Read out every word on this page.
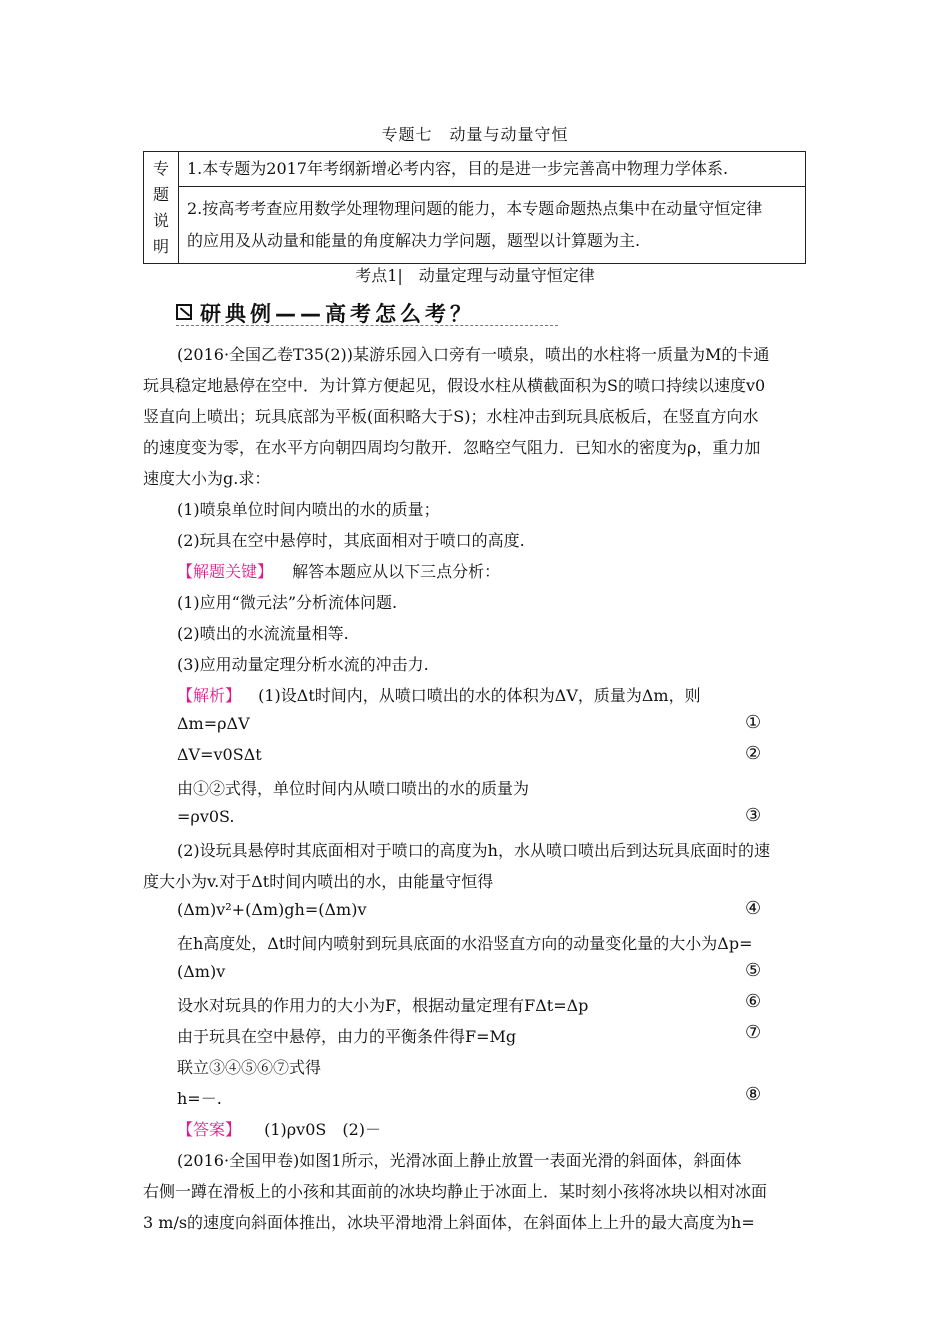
专题七　动量与动量守恒
专
题
说
明
	1.本专题为2017年考纲新增必考内容，目的是进一步完善高中物理力学体系.

2.按高考考查应用数学处理物理问题的能力，本专题命题热点集中在动量守恒定律
的应用及从动量和能量的角度解决力学问题，题型以计算题为主.
考点1|　动量定理与动量守恒定律
研典例——高考怎么考？
(2016·全国乙卷T35(2))某游乐园入口旁有一喷泉，喷出的水柱将一质量为M的卡通
玩具稳定地悬停在空中．为计算方便起见，假设水柱从横截面积为S的喷口持续以速度v0
竖直向上喷出；玩具底部为平板(面积略大于S)；水柱冲击到玩具底板后，在竖直方向水
的速度变为零，在水平方向朝四周均匀散开．忽略空气阻力．已知水的密度为ρ，重力加
速度大小为g.求：
(1)喷泉单位时间内喷出的水的质量；
(2)玩具在空中悬停时，其底面相对于喷口的高度.
【解题关键】 解答本题应从以下三点分析：
(1)应用“微元法”分析流体问题.
(2)喷出的水流流量相等.
(3)应用动量定理分析水流的冲击力.
【解析】 (1)设Δt时间内，从喷口喷出的水的体积为ΔV，质量为Δm，则
Δm=ρΔV	①
ΔV=v0SΔt	②
由①②式得，单位时间内从喷口喷出的水的质量为
=ρv0S.	③
(2)设玩具悬停时其底面相对于喷口的高度为h，水从喷口喷出后到达玩具底面时的速
度大小为v.对于Δt时间内喷出的水，由能量守恒得
(Δm)v²+(Δm)gh=(Δm)v	④
在h高度处，Δt时间内喷射到玩具底面的水沿竖直方向的动量变化量的大小为Δp=
(Δm)v	⑤
设水对玩具的作用力的大小为F，根据动量定理有FΔt=Δp	⑥
由于玩具在空中悬停，由力的平衡条件得F=Mg	⑦
联立③④⑤⑥⑦式得
h=－.	⑧
【答案】 (1)ρv0S　(2)－
(2016·全国甲卷)如图1所示，光滑冰面上静止放置一表面光滑的斜面体，斜面体
右侧一蹲在滑板上的小孩和其面前的冰块均静止于冰面上．某时刻小孩将冰块以相对冰面
3 m/s的速度向斜面体推出，冰块平滑地滑上斜面体，在斜面体上上升的最大高度为h=
